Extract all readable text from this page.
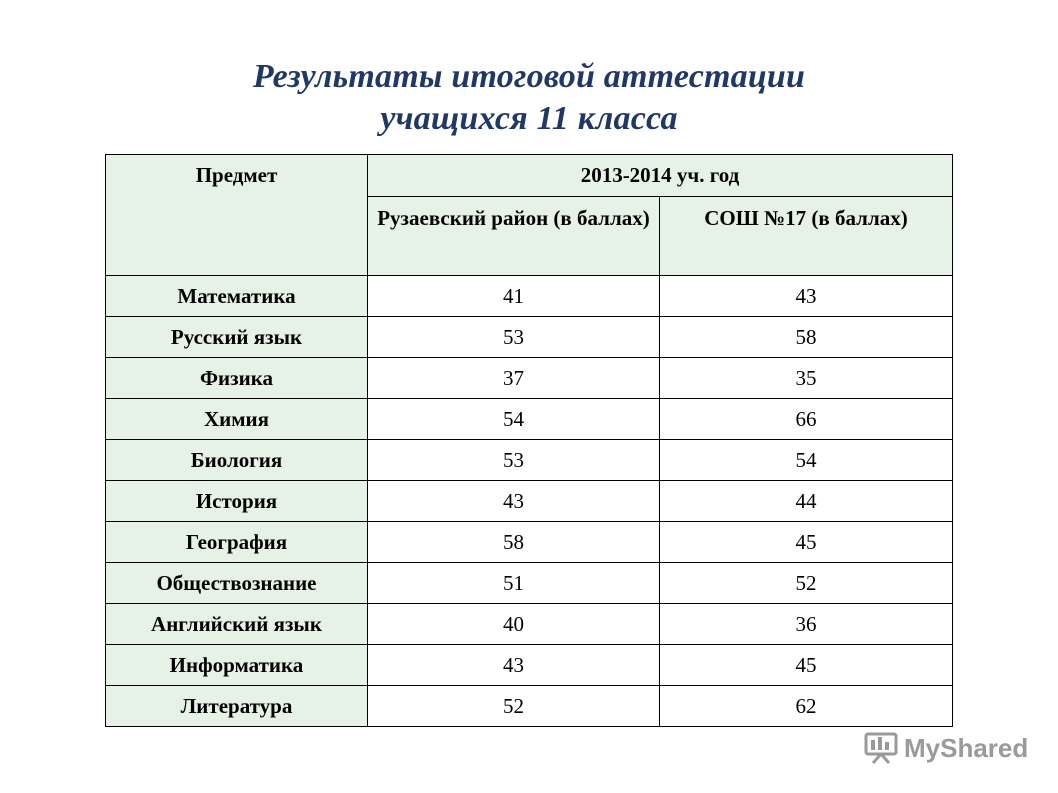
Результаты итоговой аттестации
учащихся 11 класса
Предмет	2013-2014 уч. год	
	Рузаевский район (в баллах)	СОШ №17 (в баллах)
Математика	41	43
Русский язык	53	58
Физика	37	35
Химия	54	66
Биология	53	54
История	43	44
География	58	45
Обществознание	51	52
Английский язык	40	36
Информатика	43	45
Литература	52	62
MyShared
